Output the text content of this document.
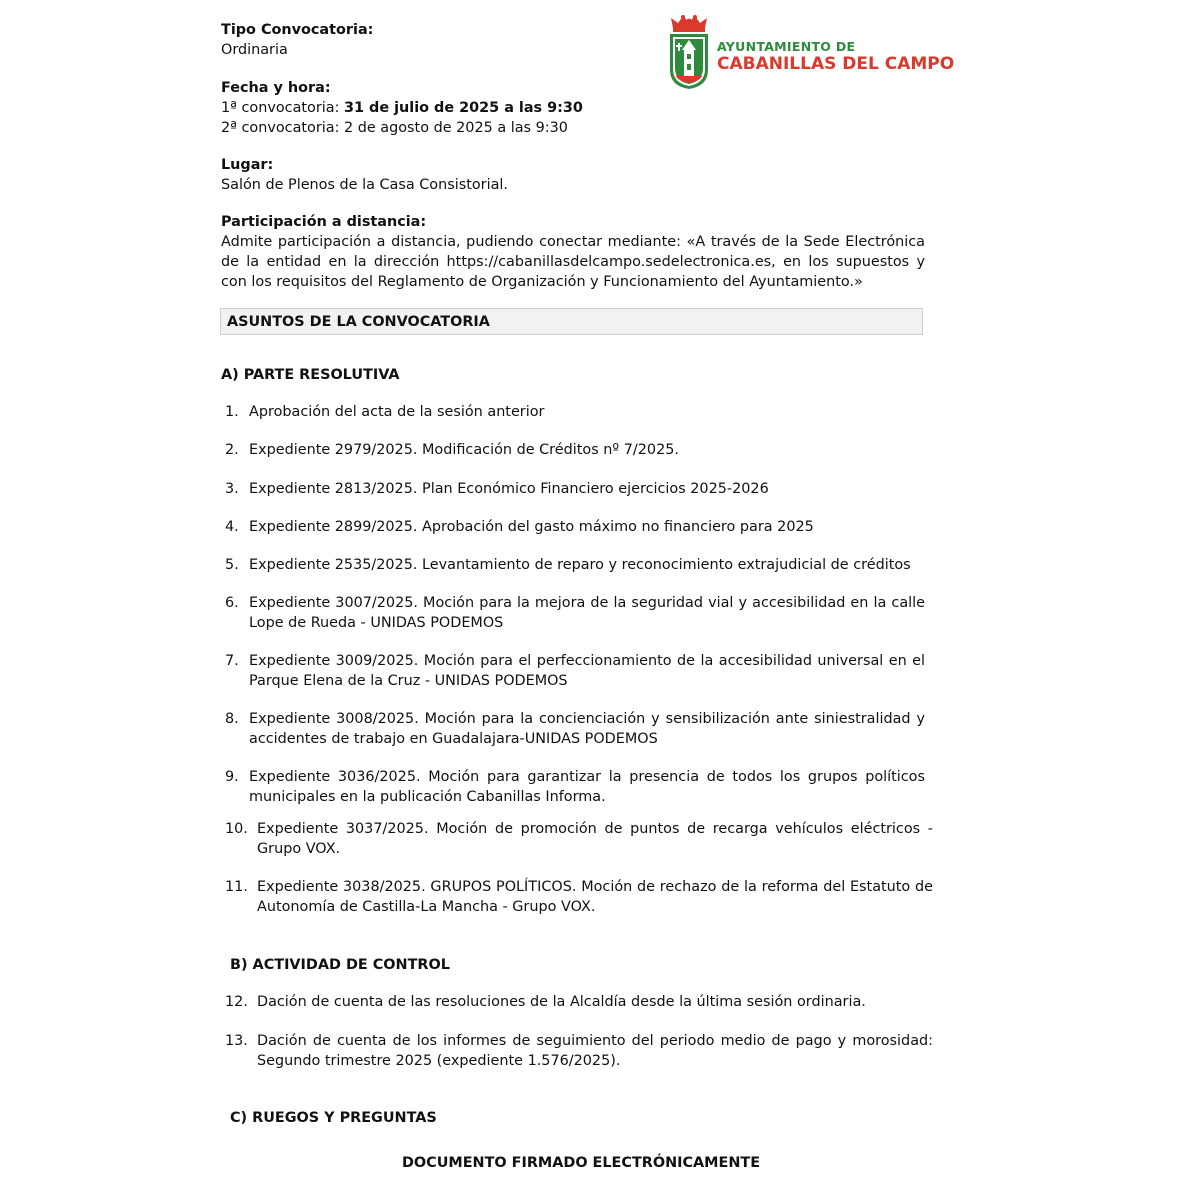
Tipo Convocatoria:
Ordinaria
Fecha y hora:
1ª convocatoria: 31 de julio de 2025 a las 9:30
2ª convocatoria: 2 de agosto de 2025 a las 9:30
Lugar:
Salón de Plenos de la Casa Consistorial.
Participación a distancia:
Admite participación a distancia, pudiendo conectar mediante: «A través de la Sede Electrónica de la entidad en la dirección https://cabanillasdelcampo.sedelectronica.es, en los supuestos y con los requisitos del Reglamento de Organización y Funcionamiento del Ayuntamiento.»
AYUNTAMIENTO DE
CABANILLAS DEL CAMPO
ASUNTOS DE LA CONVOCATORIA
A) PARTE RESOLUTIVA
1. Aprobación del acta de la sesión anterior
2. Expediente 2979/2025. Modificación de Créditos nº 7/2025.
3. Expediente 2813/2025. Plan Económico Financiero ejercicios 2025-2026
4. Expediente 2899/2025. Aprobación del gasto máximo no financiero para 2025
5. Expediente 2535/2025. Levantamiento de reparo y reconocimiento extrajudicial de créditos
6. Expediente 3007/2025. Moción para la mejora de la seguridad vial y accesibilidad en la calle
Lope de Rueda - UNIDAS PODEMOS
7. Expediente 3009/2025. Moción para el perfeccionamiento de la accesibilidad universal en el
Parque Elena de la Cruz - UNIDAS PODEMOS
8. Expediente 3008/2025. Moción para la concienciación y sensibilización ante siniestralidad y
accidentes de trabajo en Guadalajara-UNIDAS PODEMOS
9. Expediente 3036/2025. Moción para garantizar la presencia de todos los grupos políticos
municipales en la publicación Cabanillas Informa.
10. Expediente 3037/2025. Moción de promoción de puntos de recarga vehículos eléctricos -
Grupo VOX.
11. Expediente 3038/2025. GRUPOS POLÍTICOS. Moción de rechazo de la reforma del Estatuto de
Autonomía de Castilla-La Mancha - Grupo VOX.
B) ACTIVIDAD DE CONTROL
12. Dación de cuenta de las resoluciones de la Alcaldía desde la última sesión ordinaria.
13. Dación de cuenta de los informes de seguimiento del periodo medio de pago y morosidad:
Segundo trimestre 2025 (expediente 1.576/2025).
C) RUEGOS Y PREGUNTAS
DOCUMENTO FIRMADO ELECTRÓNICAMENTE
